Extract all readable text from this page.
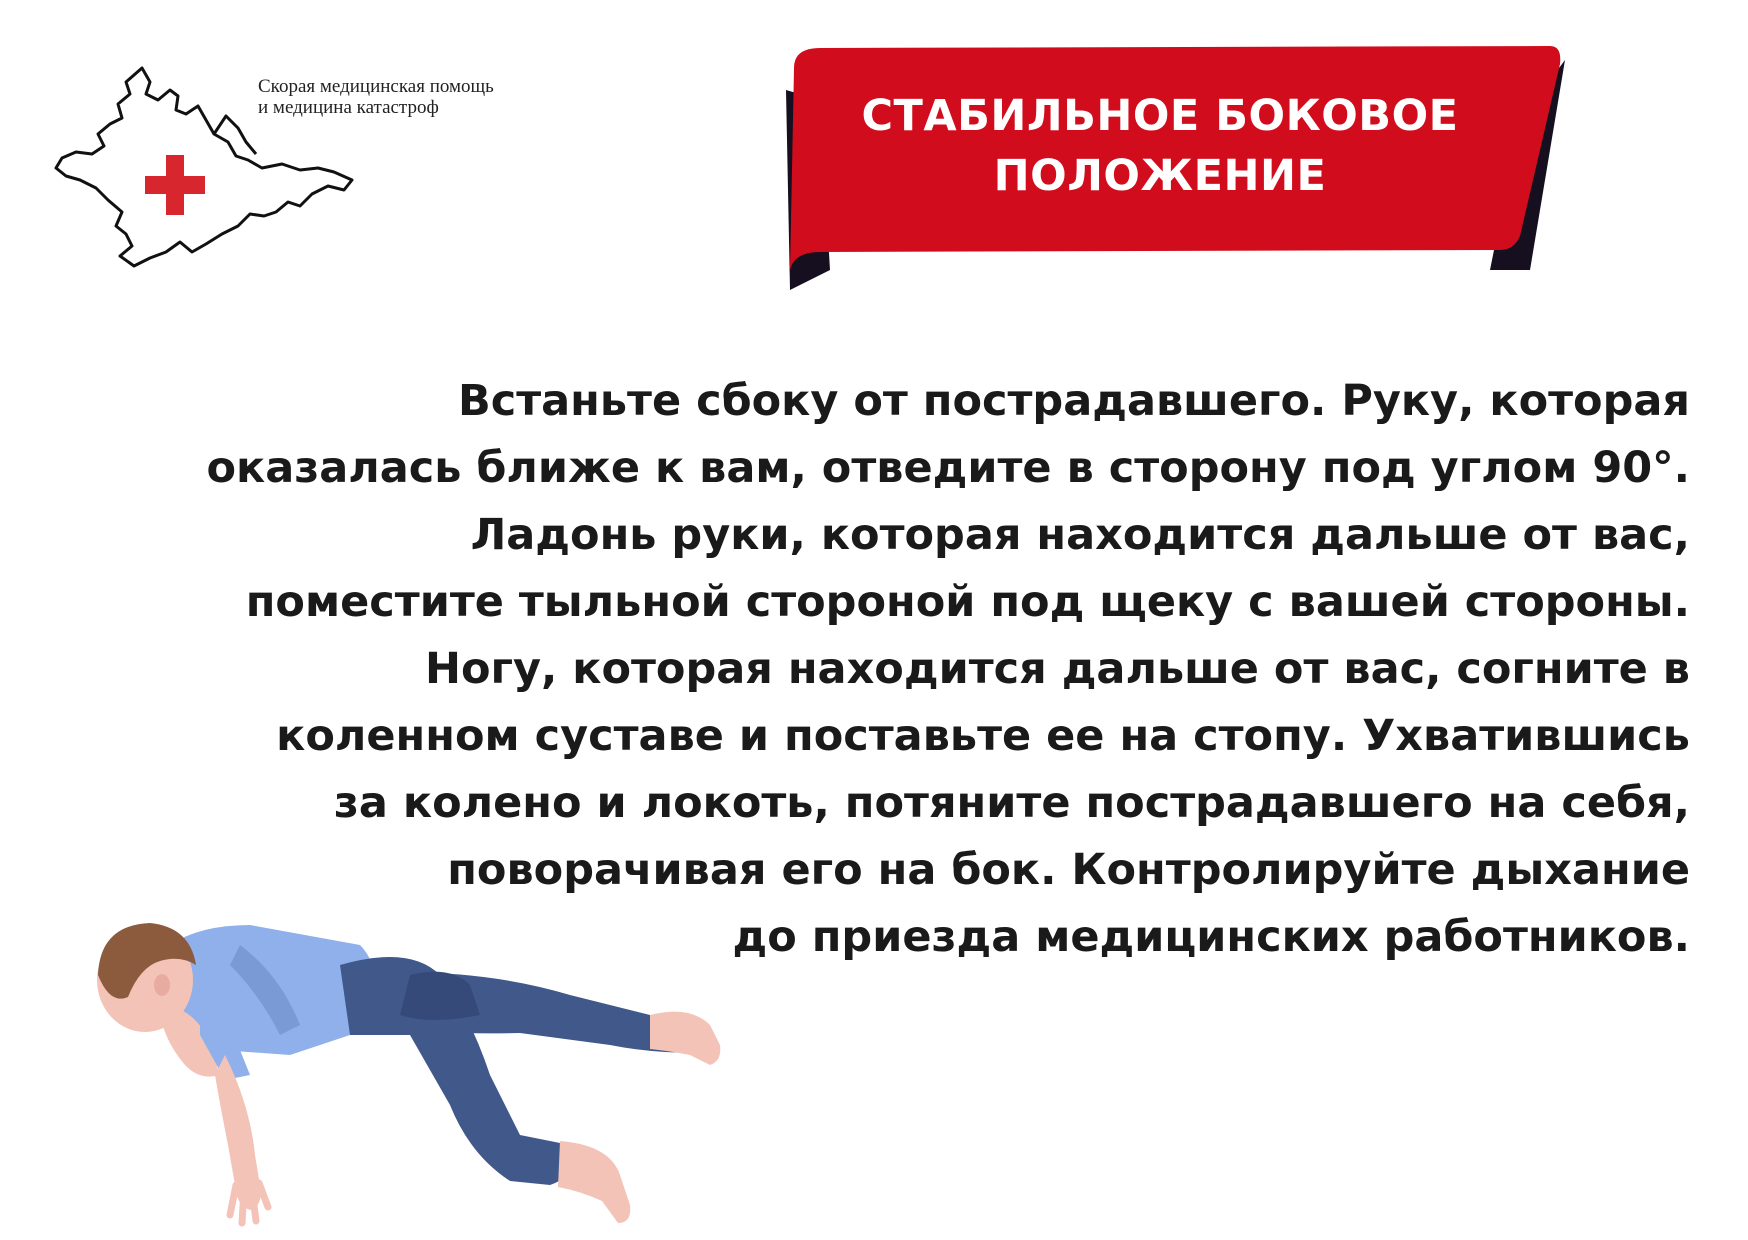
Скорая медицинская помощь
и медицина катастроф	СТАБИЛЬНОЕ БОКОВОЕ
ПОЛОЖЕНИЕ
Встаньте сбоку от пострадавшего. Руку, которая
оказалась ближе к вам, отведите в сторону под углом 90°.
Ладонь руки, которая находится дальше от вас,
поместите тыльной стороной под щеку с вашей стороны.
Ногу, которая находится дальше от вас, согните в
коленном суставе и поставьте ее на стопу. Ухватившись
за колено и локоть, потяните пострадавшего на себя,
поворачивая его на бок. Контролируйте дыхание
до приезда медицинских работников.
